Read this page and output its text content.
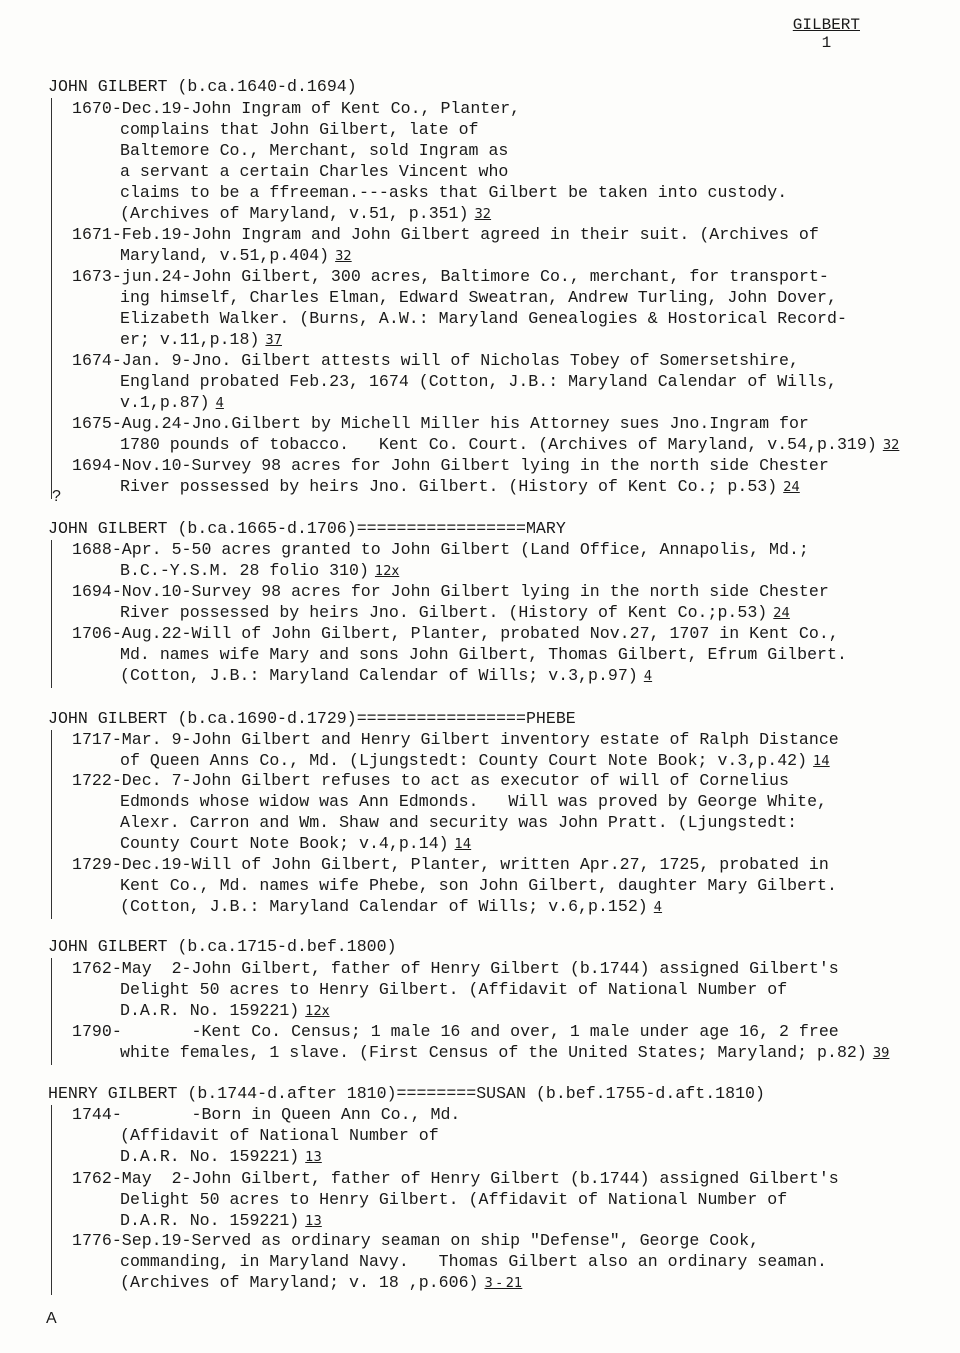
GILBERT
1
JOHN GILBERT (b.ca.1640-d.1694)
1670-Dec.19-John Ingram of Kent Co., Planter,
complains that John Gilbert, late of
Baltemore Co., Merchant, sold Ingram as
a servant a certain Charles Vincent who
claims to be a ffreeman.---asks that Gilbert be taken into custody.
(Archives of Maryland, v.51, p.351) 32
1671-Feb.19-John Ingram and John Gilbert agreed in their suit. (Archives of
Maryland, v.51,p.404) 32
1673-jun.24-John Gilbert, 300 acres, Baltimore Co., merchant, for transport-
ing himself, Charles Elman, Edward Sweatran, Andrew Turling, John Dover,
Elizabeth Walker. (Burns, A.W.: Maryland Genealogies & Hostorical Record-
er; v.11,p.18) 37
1674-Jan. 9-Jno. Gilbert attests will of Nicholas Tobey of Somersetshire,
England probated Feb.23, 1674 (Cotton, J.B.: Maryland Calendar of Wills,
v.1,p.87) 4
1675-Aug.24-Jno.Gilbert by Michell Miller his Attorney sues Jno.Ingram for
1780 pounds of tobacco.   Kent Co. Court. (Archives of Maryland, v.54,p.319) 32
1694-Nov.10-Survey 98 acres for John Gilbert lying in the north side Chester
River possessed by heirs Jno. Gilbert. (History of Kent Co.; p.53) 24
JOHN GILBERT (b.ca.1665-d.1706)=================MARY
1688-Apr. 5-50 acres granted to John Gilbert (Land Office, Annapolis, Md.;
B.C.-Y.S.M. 28 folio 310) 12x
1694-Nov.10-Survey 98 acres for John Gilbert lying in the north side Chester
River possessed by heirs Jno. Gilbert. (History of Kent Co.;p.53) 24
1706-Aug.22-Will of John Gilbert, Planter, probated Nov.27, 1707 in Kent Co.,
Md. names wife Mary and sons John Gilbert, Thomas Gilbert, Efrum Gilbert.
(Cotton, J.B.: Maryland Calendar of Wills; v.3,p.97) 4
JOHN GILBERT (b.ca.1690-d.1729)=================PHEBE
1717-Mar. 9-John Gilbert and Henry Gilbert inventory estate of Ralph Distance
of Queen Anns Co., Md. (Ljungstedt: County Court Note Book; v.3,p.42) 14
1722-Dec. 7-John Gilbert refuses to act as executor of will of Cornelius
Edmonds whose widow was Ann Edmonds.   Will was proved by George White,
Alexr. Carron and Wm. Shaw and security was John Pratt. (Ljungstedt:
County Court Note Book; v.4,p.14) 14
1729-Dec.19-Will of John Gilbert, Planter, written Apr.27, 1725, probated in
Kent Co., Md. names wife Phebe, son John Gilbert, daughter Mary Gilbert.
(Cotton, J.B.: Maryland Calendar of Wills; v.6,p.152) 4
JOHN GILBERT (b.ca.1715-d.bef.1800)
1762-May  2-John Gilbert, father of Henry Gilbert (b.1744) assigned Gilbert's
Delight 50 acres to Henry Gilbert. (Affidavit of National Number of
D.A.R. No. 159221) 12x
1790-       -Kent Co. Census; 1 male 16 and over, 1 male under age 16, 2 free
white females, 1 slave. (First Census of the United States; Maryland; p.82) 39
HENRY GILBERT (b.1744-d.after 1810)========SUSAN (b.bef.1755-d.aft.1810)
1744-       -Born in Queen Ann Co., Md.
(Affidavit of National Number of
D.A.R. No. 159221) 13
1762-May  2-John Gilbert, father of Henry Gilbert (b.1744) assigned Gilbert's
Delight 50 acres to Henry Gilbert. (Affidavit of National Number of
D.A.R. No. 159221) 13
1776-Sep.19-Served as ordinary seaman on ship "Defense", George Cook,
commanding, in Maryland Navy.   Thomas Gilbert also an ordinary seaman.
(Archives of Maryland; v. 18 ,p.606) 3 - 21
?
A
